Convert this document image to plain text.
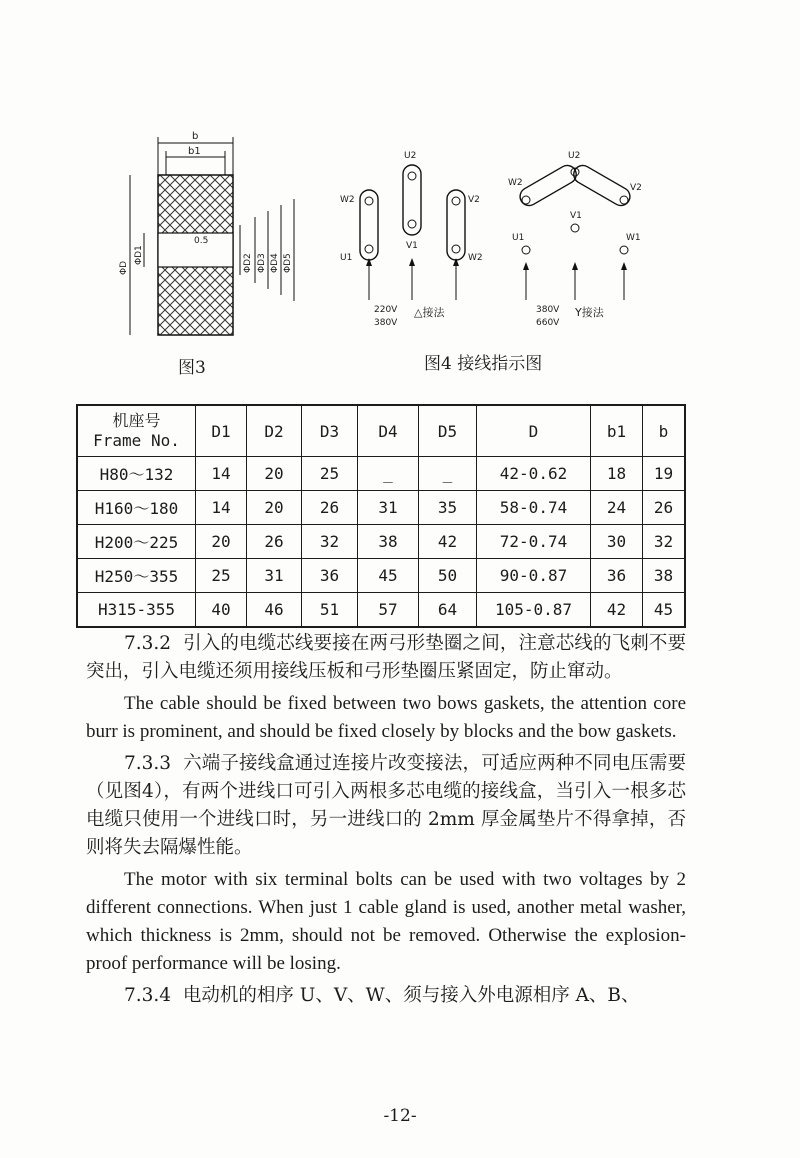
b
b1
0.5
ΦD
ΦD1	ΦD2 ΦD3 ΦD4 ΦD5
图3
U2
W2	V2
U1
V1
W2
220V
380V
△接法
U2
W2	V2
V1
U1	W1
380V
660V
Y接法
图4 接线指示图
机座号
Frame No.	D1	D2	D3	D4	D5	D	b1	b
H80～132	14	20	25	_	_	42-0.62	18	19
H160～180	14	20	26	31	35	58-0.74	24	26
H200～225	20	26	32	38	42	72-0.74	30	32
H250～355	25	31	36	45	50	90-0.87	36	38
H315-355	40	46	51	57	64	105-0.87	42	45

7.3.2 引入的电缆芯线要接在两弓形垫圈之间，注意芯线的飞刺不要突出，引入电缆还须用接线压板和弓形垫圈压紧固定，防止窜动。

The cable should be fixed between two bows gaskets, the attention core burr is prominent, and should be fixed closely by blocks and the bow gaskets.

7.3.3 六端子接线盒通过连接片改变接法，可适应两种不同电压需要（见图4），有两个进线口可引入两根多芯电缆的接线盒，当引入一根多芯电缆只使用一个进线口时，另一进线口的 2mm 厚金属垫片不得拿掉，否则将失去隔爆性能。

The motor with six terminal bolts can be used with two voltages by 2 different connections. When just 1 cable gland is used, another metal washer, which thickness is 2mm, should not be removed. Otherwise the explosion-proof performance will be losing.

7.3.4 电动机的相序 U、V、W、须与接入外电源相序 A、B、

-12-
